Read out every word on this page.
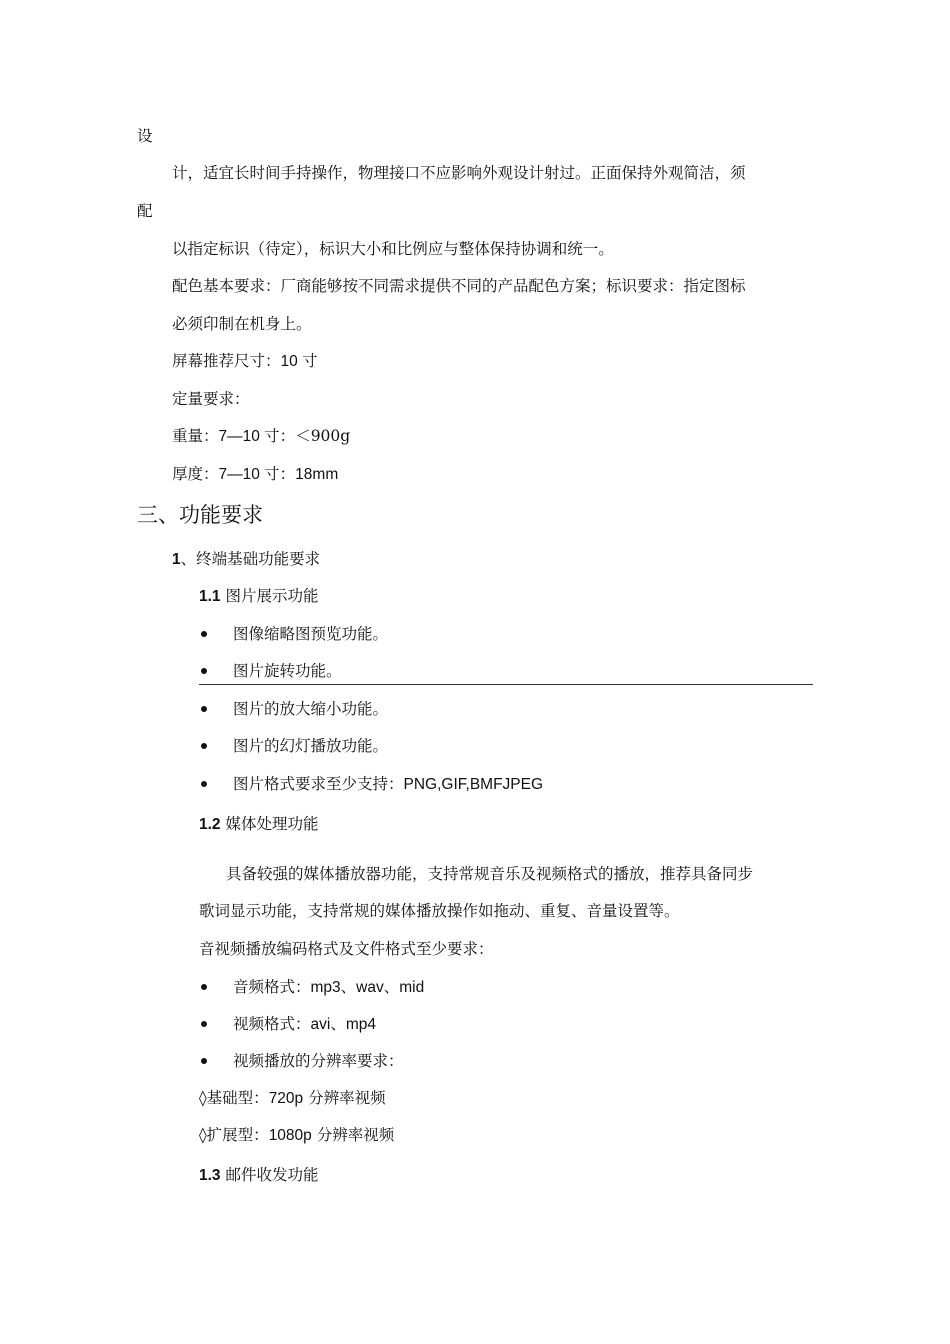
设
计，适宜长时间手持操作，物理接口不应影响外观设计射过。正面保持外观简洁，须
配
以指定标识（待定），标识大小和比例应与整体保持协调和统一。
配色基本要求：厂商能够按不同需求提供不同的产品配色方案；标识要求：指定图标
必须印制在机身上。
屏幕推荐尺寸：10 寸
定量要求：
重量：7—10 寸：＜900g
厚度：7—10 寸：18mm
三、功能要求
1、终端基础功能要求
1.1 图片展示功能
图像缩略图预览功能。
图片旋转功能。
图片的放大缩小功能。
图片的幻灯播放功能。
图片格式要求至少支持：PNG,GIF,BMFJPEG
1.2 媒体处理功能
具备较强的媒体播放器功能，支持常规音乐及视频格式的播放，推荐具备同步
歌词显示功能，支持常规的媒体播放操作如拖动、重复、音量设置等。
音视频播放编码格式及文件格式至少要求：
音频格式：mp3、wav、mid
视频格式：avi、mp4
视频播放的分辨率要求：
◊基础型：720p 分辨率视频
◊扩展型：1080p 分辨率视频
1.3 邮件收发功能
